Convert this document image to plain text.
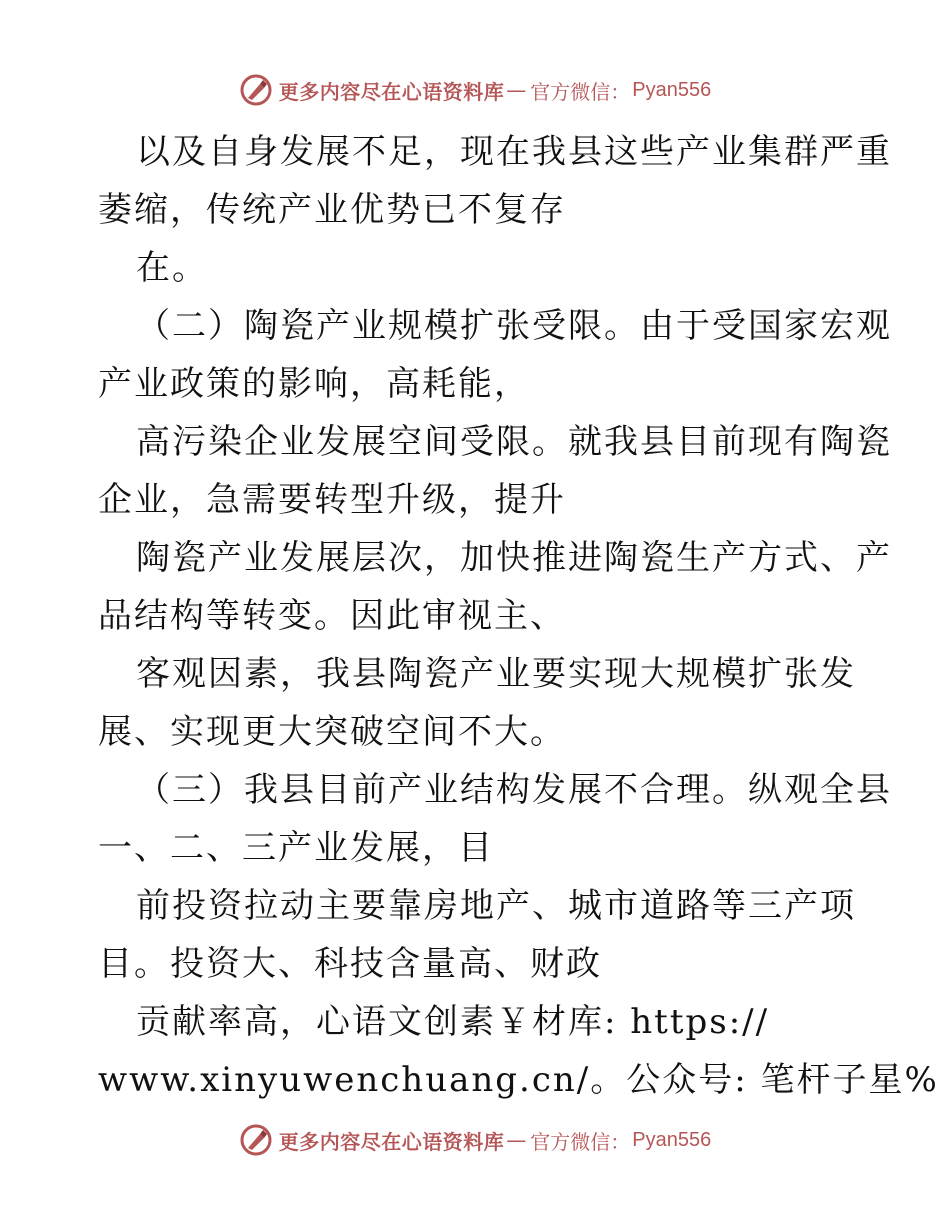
更多内容尽在心语资料库 — 官方微信： Pyan556
以及自身发展不足，现在我县这些产业集群严重
萎缩，传统产业优势已不复存
在。
（二）陶瓷产业规模扩张受限。由于受国家宏观
产业政策的影响，高耗能，
高污染企业发展空间受限。就我县目前现有陶瓷
企业，急需要转型升级，提升
陶瓷产业发展层次，加快推进陶瓷生产方式、产
品结构等转变。因此审视主、
客观因素，我县陶瓷产业要实现大规模扩张发
展、实现更大突破空间不大。
（三）我县目前产业结构发展不合理。纵观全县
一、二、三产业发展，目
前投资拉动主要靠房地产、城市道路等三产项
目。投资大、科技含量高、财政
贡献率高，心语文创素￥材库: https://
www.xinyuwenchuang.cn/。公众号: 笔杆子星%
更多内容尽在心语资料库 — 官方微信： Pyan556
